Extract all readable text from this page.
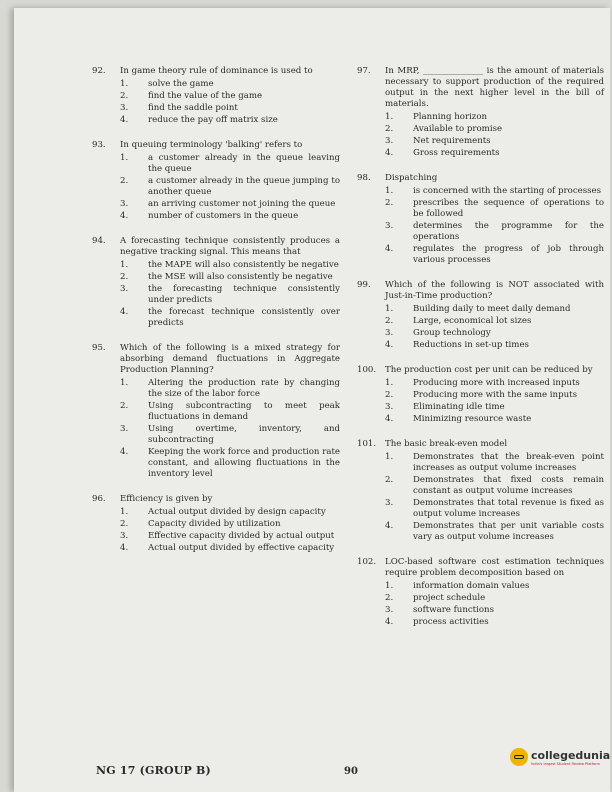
92.	In game theory rule of dominance is used to
1. solve the game
2. find the value of the game
3. find the saddle point
4. reduce the pay off matrix size
93.	In queuing terminology 'balking' refers to
1. a customer already in the queue leaving the queue
2. a customer already in the queue jumping to another queue
3. an arriving customer not joining the queue
4. number of customers in the queue
94.	A forecasting technique consistently produces a negative tracking signal. This means that
1. the MAPE will also consistently be negative
2. the MSE will also consistently be negative
3. the forecasting technique consistently under predicts
4. the forecast technique consistently over predicts
95.	Which of the following is a mixed strategy for absorbing demand fluctuations in Aggregate Production Planning?
1. Altering the production rate by changing the size of the labor force
2. Using subcontracting to meet peak fluctuations in demand
3. Using overtime, inventory, and subcontracting
4. Keeping the work force and production rate constant, and allowing fluctuations in the inventory level
96.	Efficiency is given by
1. Actual output divided by design capacity
2. Capacity divided by utilization
3. Effective capacity divided by actual output
4. Actual output divided by effective capacity
97.	In MRP, ______________ is the amount of materials necessary to support production of the required output in the next higher level in the bill of materials.
1. Planning horizon
2. Available to promise
3. Net requirements
4. Gross requirements
98.	Dispatching
1. is concerned with the starting of processes
2. prescribes the sequence of operations to be followed
3. determines the programme for the operations
4. regulates the progress of job through various processes
99.	Which of the following is NOT associated with Just-in-Time production?
1. Building daily to meet daily demand
2. Large, economical lot sizes
3. Group technology
4. Reductions in set-up times
100.	The production cost per unit can be reduced by
1. Producing more with increased inputs
2. Producing more with the same inputs
3. Eliminating idle time
4. Minimizing resource waste
101.	The basic break-even model
1. Demonstrates that the break-even point increases as output volume increases
2. Demonstrates that fixed costs remain constant as output volume increases
3. Demonstrates that total revenue is fixed as output volume increases
4. Demonstrates that per unit variable costs vary as output volume increases
102.	LOC-based software cost estimation techniques require problem decomposition based on
1. information domain values
2. project schedule
3. software functions
4. process activities
NG 17 (GROUP B)	90
collegedunia
India's largest Student Review Platform
